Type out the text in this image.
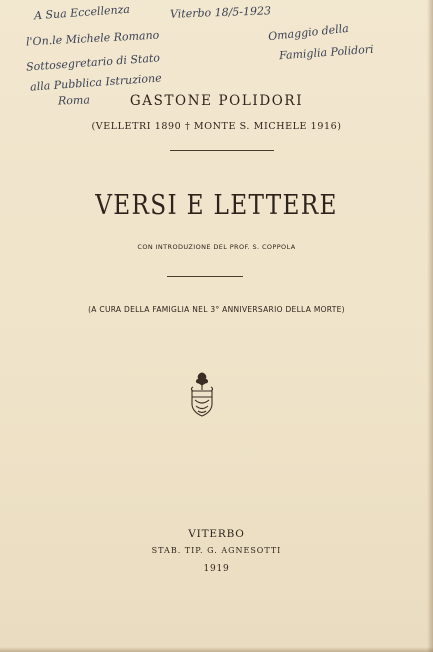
A Sua Eccellenza
l'On.le Michele Romano
Sottosegretario di Stato
alla Pubblica Istruzione
Roma
Viterbo 18/5-1923
Omaggio della
Famiglia Polidori
GASTONE POLIDORI
(VELLETRI 1890 † MONTE S. MICHELE 1916)
VERSI E LETTERE
CON INTRODUZIONE DEL PROF. S. COPPOLA
(A CURA DELLA FAMIGLIA NEL 3° ANNIVERSARIO DELLA MORTE)
VITERBO
STAB. TIP. G. AGNESOTTI
1919
